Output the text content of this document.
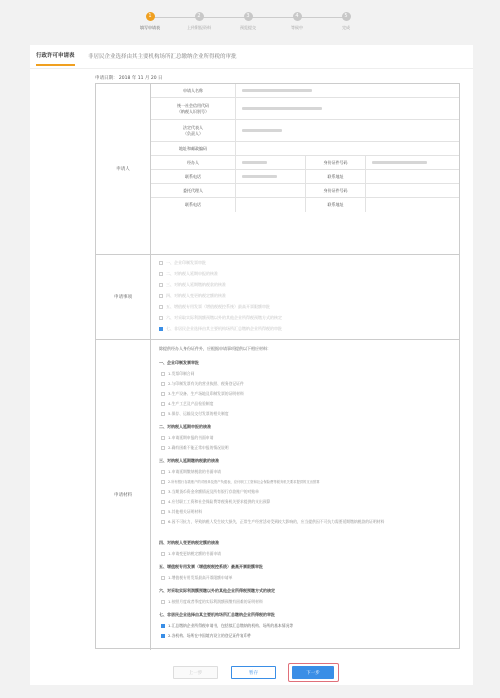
1
填写申请表
2
上传附报资料
3
预览提交
4
等候中
5
完成
行政许可申请表 非居民企业选择由其主要机构场所汇总缴纳企业所得税的审批
申请日期： 2018 年 11 月 20 日
申请人
申请人名称
统一社会信用代码
（纳税人识别号）
法定代表人
（负责人）
地址和邮政编码
经办人	身份证件号码
联系电话	联系地址
委托代理人	身份证件号码
联系电话	联系地址
申请事项
一、企业印制发票审批
二、对纳税人延期申报的核准
三、对纳税人延期缴纳税款的核准
四、对纳税人变更纳税定额的核准
五、增值税专用发票（增值税税控系统）最高开票限额审批
六、对采取实际利润额预缴以外的其他企业所得税预缴方式的核定
七、非居民企业选择由其主要机构场所汇总缴纳企业所得税的审批
申请材料
除提供经办人身份证件外，应根据申请事项提供以下相应材料：
一、企业印制发票审批
1.发票印制合同
2.与印制发票有关的营业执照、税务登记证件
3.生产设备、生产场地及印制发票的证明材料
4.生产工艺及产品检验制度
5.保存、运输及交付发票的相关制度
二、对纳税人延期申报的核准
1.申请延期申报的书面申请
2.确有困难不能正常申报的情况说明
三、对纳税人延期缴纳税款的核准
1.申请延期缴纳税款的书面申请
2.所有银行存款账户的对账单及资产负债表、应付职工工资和社会保险费等税务机关要求提供的支出预算
3.当期货币资金余额情况及所有银行存款账户的对账单
4.应付职工工资和社会保险费等税务机关要求提供的支出预算
5.其他相关证明材料
6.因不可抗力，导致纳税人发生较大损失，正常生产经营活动受到较大影响的，应当提供因不可抗力需要延期缴纳税款的证明材料
四、对纳税人变更纳税定额的核准
1.申请变更纳税定额的书面申请
五、增值税专用发票（增值税税控系统）最高开票限额审批
1.增值税专用发票最高开票限额申请单
六、对采取实际利润额预缴以外的其他企业所得税预缴方式的核定
1.按照月度或者季度的实际利润额预缴有困难的证明材料
七、非居民企业选择由其主要机构场所汇总缴纳企业所得税的审批
1.汇总缴纳企业所得税申请书，包括拟汇总缴纳的机构、场所的基本情况等
2.各机构、场所在中国境内设立的登记证件复印件
上一步	暂存	下一步
